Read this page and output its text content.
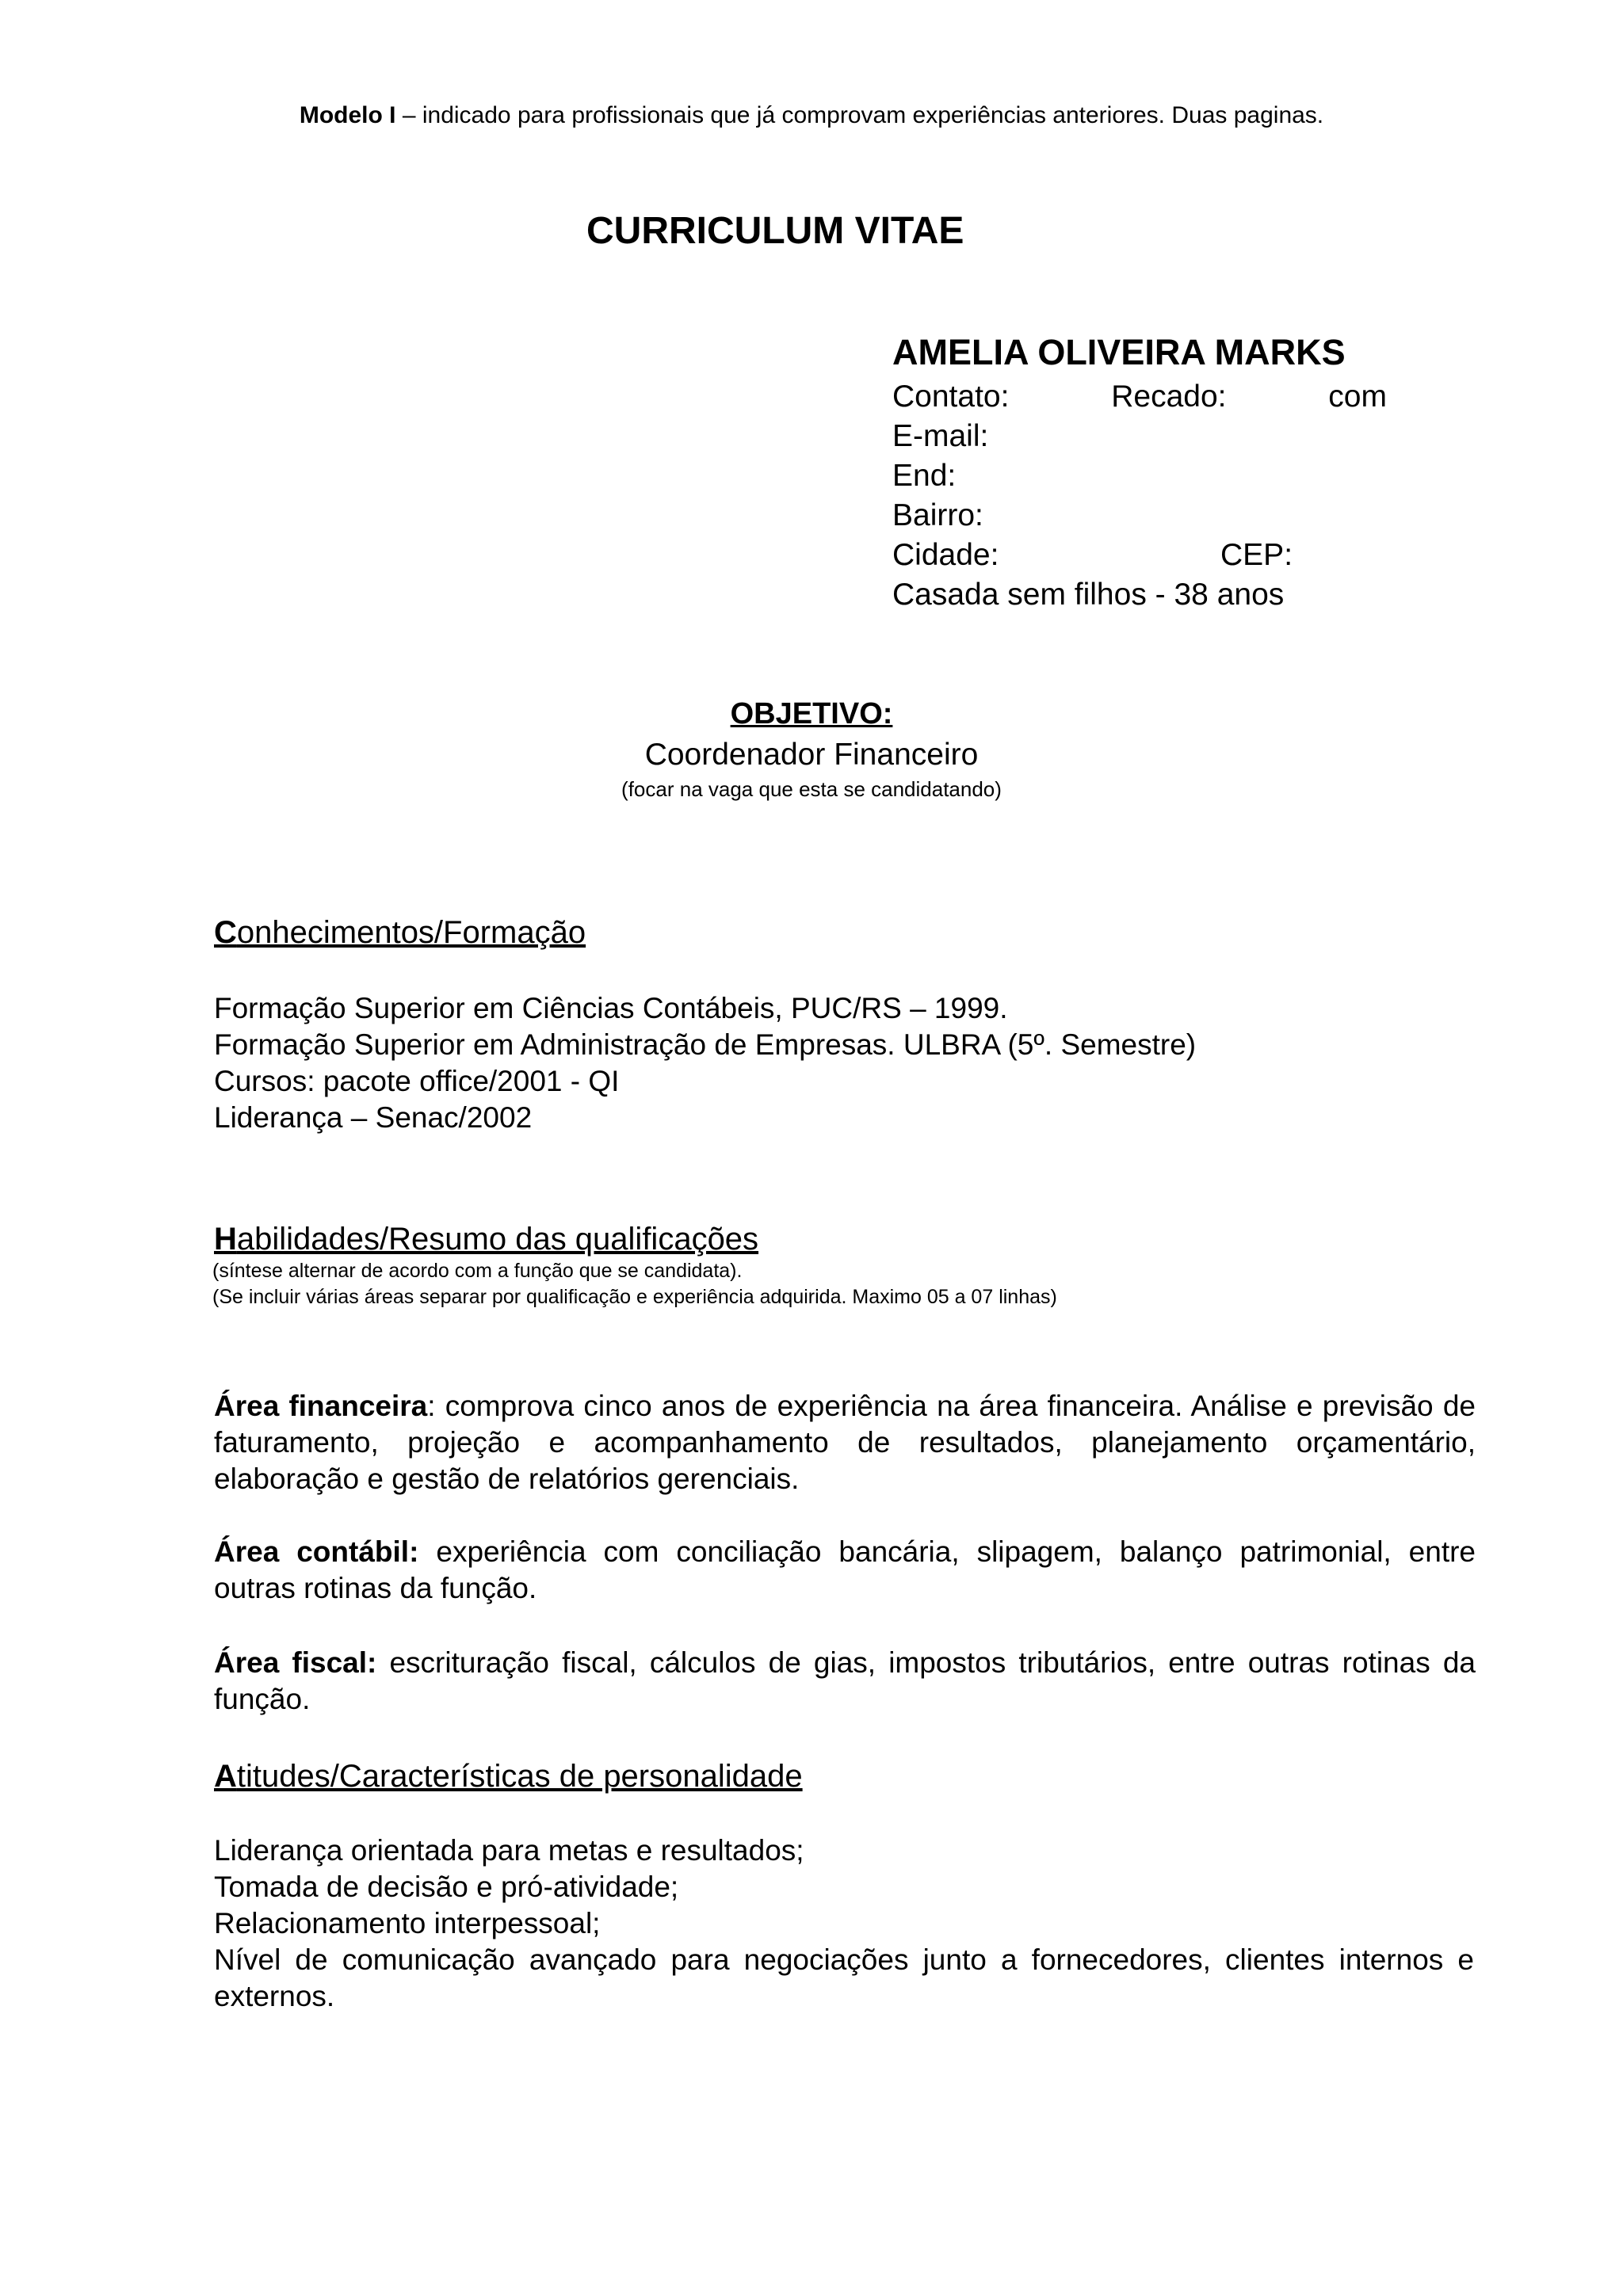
Modelo I – indicado para profissionais que já comprovam experiências anteriores. Duas paginas.
CURRICULUM VITAE
AMELIA OLIVEIRA MARKS
Contato:	Recado:	com
E-mail:
End:
Bairro:
Cidade:	CEP:
Casada sem filhos - 38 anos
OBJETIVO:
Coordenador Financeiro
(focar na vaga que esta se candidatando)
Conhecimentos/Formação
Formação Superior em Ciências Contábeis, PUC/RS – 1999.
Formação Superior em Administração de Empresas. ULBRA (5º. Semestre)
Cursos: pacote office/2001 - QI
Liderança – Senac/2002
Habilidades/Resumo das qualificações
(síntese alternar de acordo com a função que se candidata).
(Se incluir várias áreas separar por qualificação e experiência adquirida. Maximo 05 a 07 linhas)
Área financeira: comprova cinco anos de experiência na área financeira. Análise e previsão de faturamento, projeção e acompanhamento de resultados, planejamento orçamentário, elaboração e gestão de relatórios gerenciais.
Área contábil: experiência com conciliação bancária, slipagem, balanço patrimonial, entre outras rotinas da função.
Área fiscal: escrituração fiscal, cálculos de gias, impostos tributários, entre outras rotinas da função.
Atitudes/Características de personalidade
Liderança orientada para metas e resultados;
Tomada de decisão e pró-atividade;
Relacionamento interpessoal;
Nível de comunicação avançado para negociações junto a fornecedores, clientes internos e externos.
